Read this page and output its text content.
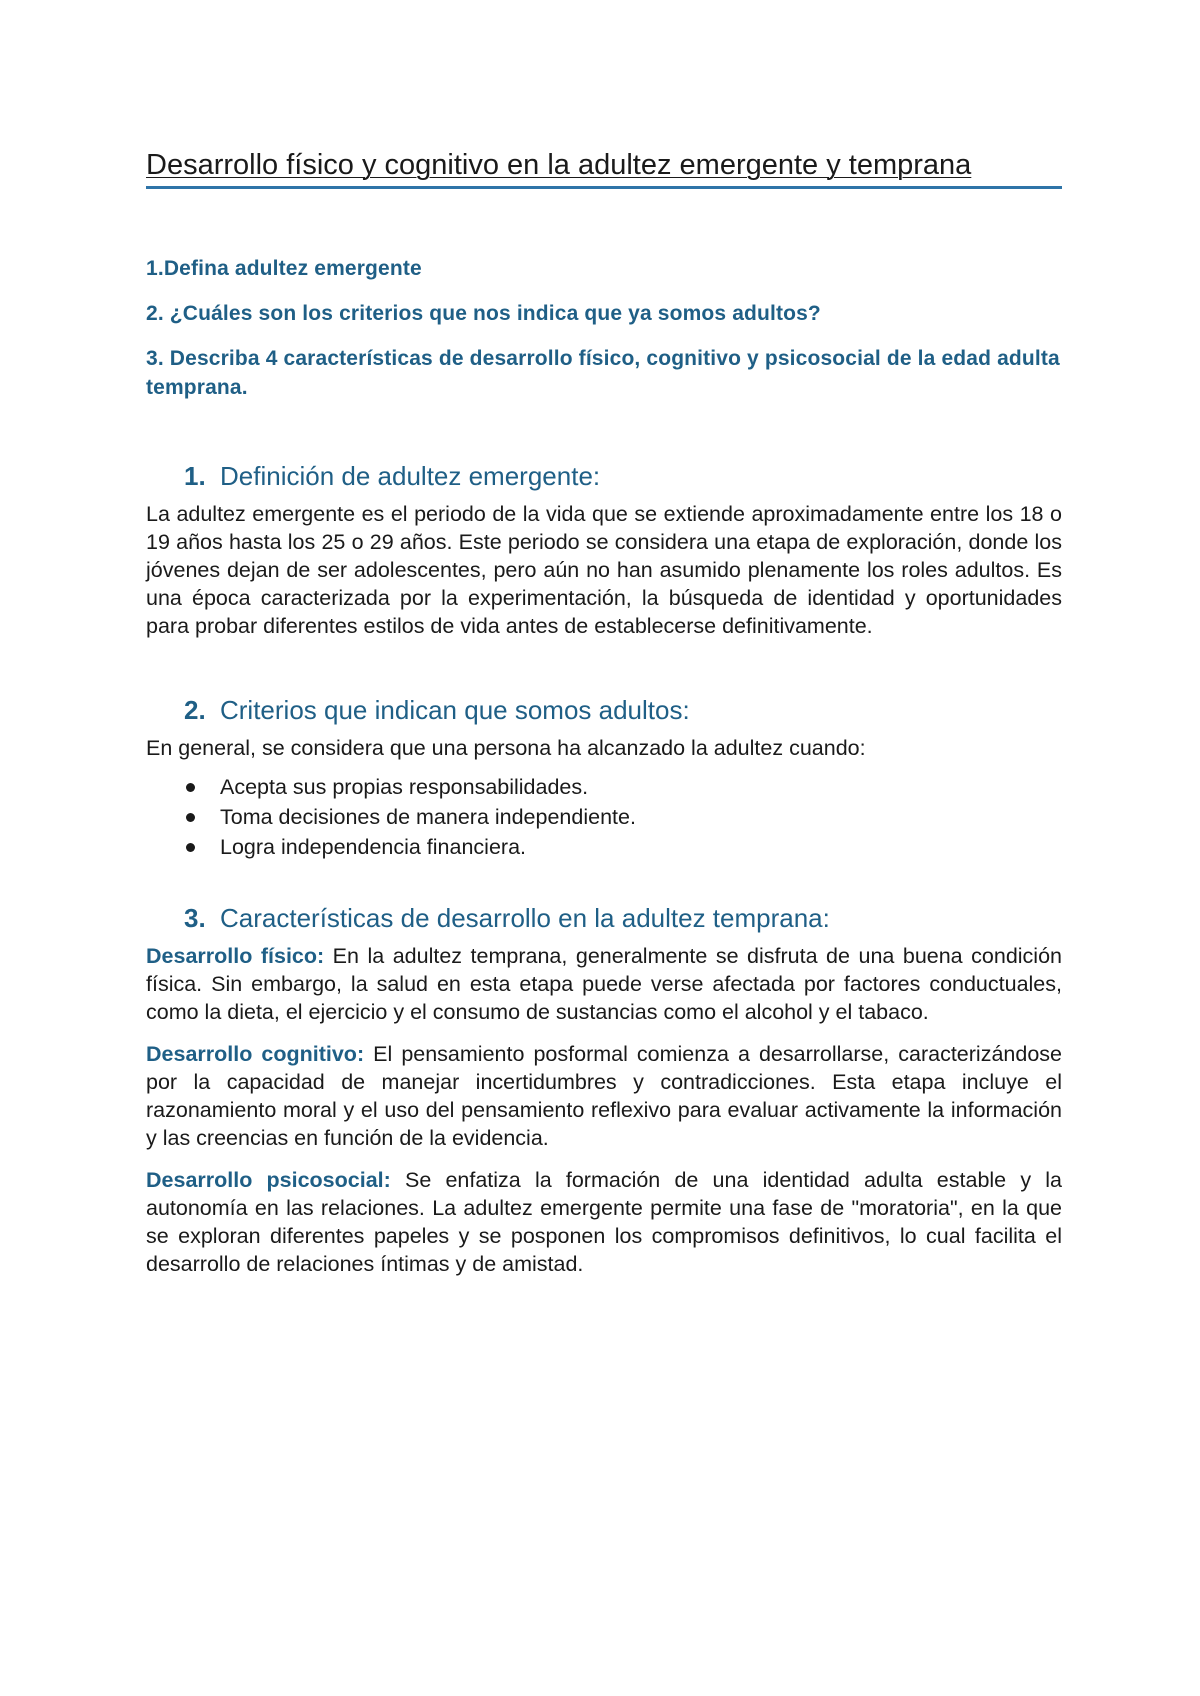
Desarrollo físico y cognitivo en la adultez emergente y temprana

1.Defina adultez emergente

2. ¿Cuáles son los criterios que nos indica que ya somos adultos?

3. Describa 4 características de desarrollo físico, cognitivo y psicosocial de la edad adulta temprana.

1. Definición de adultez emergente:

La adultez emergente es el periodo de la vida que se extiende aproximadamente entre los 18 o 19 años hasta los 25 o 29 años. Este periodo se considera una etapa de exploración, donde los jóvenes dejan de ser adolescentes, pero aún no han asumido plenamente los roles adultos. Es una época caracterizada por la experimentación, la búsqueda de identidad y oportunidades para probar diferentes estilos de vida antes de establecerse definitivamente.

2. Criterios que indican que somos adultos:

En general, se considera que una persona ha alcanzado la adultez cuando:

Acepta sus propias responsabilidades.
Toma decisiones de manera independiente.
Logra independencia financiera.
3. Características de desarrollo en la adultez temprana:

Desarrollo físico: En la adultez temprana, generalmente se disfruta de una buena condición física. Sin embargo, la salud en esta etapa puede verse afectada por factores conductuales, como la dieta, el ejercicio y el consumo de sustancias como el alcohol y el tabaco.

Desarrollo cognitivo: El pensamiento posformal comienza a desarrollarse, caracterizándose por la capacidad de manejar incertidumbres y contradicciones. Esta etapa incluye el razonamiento moral y el uso del pensamiento reflexivo para evaluar activamente la información y las creencias en función de la evidencia.

Desarrollo psicosocial: Se enfatiza la formación de una identidad adulta estable y la autonomía en las relaciones. La adultez emergente permite una fase de "moratoria", en la que se exploran diferentes papeles y se posponen los compromisos definitivos, lo cual facilita el desarrollo de relaciones íntimas y de amistad.
